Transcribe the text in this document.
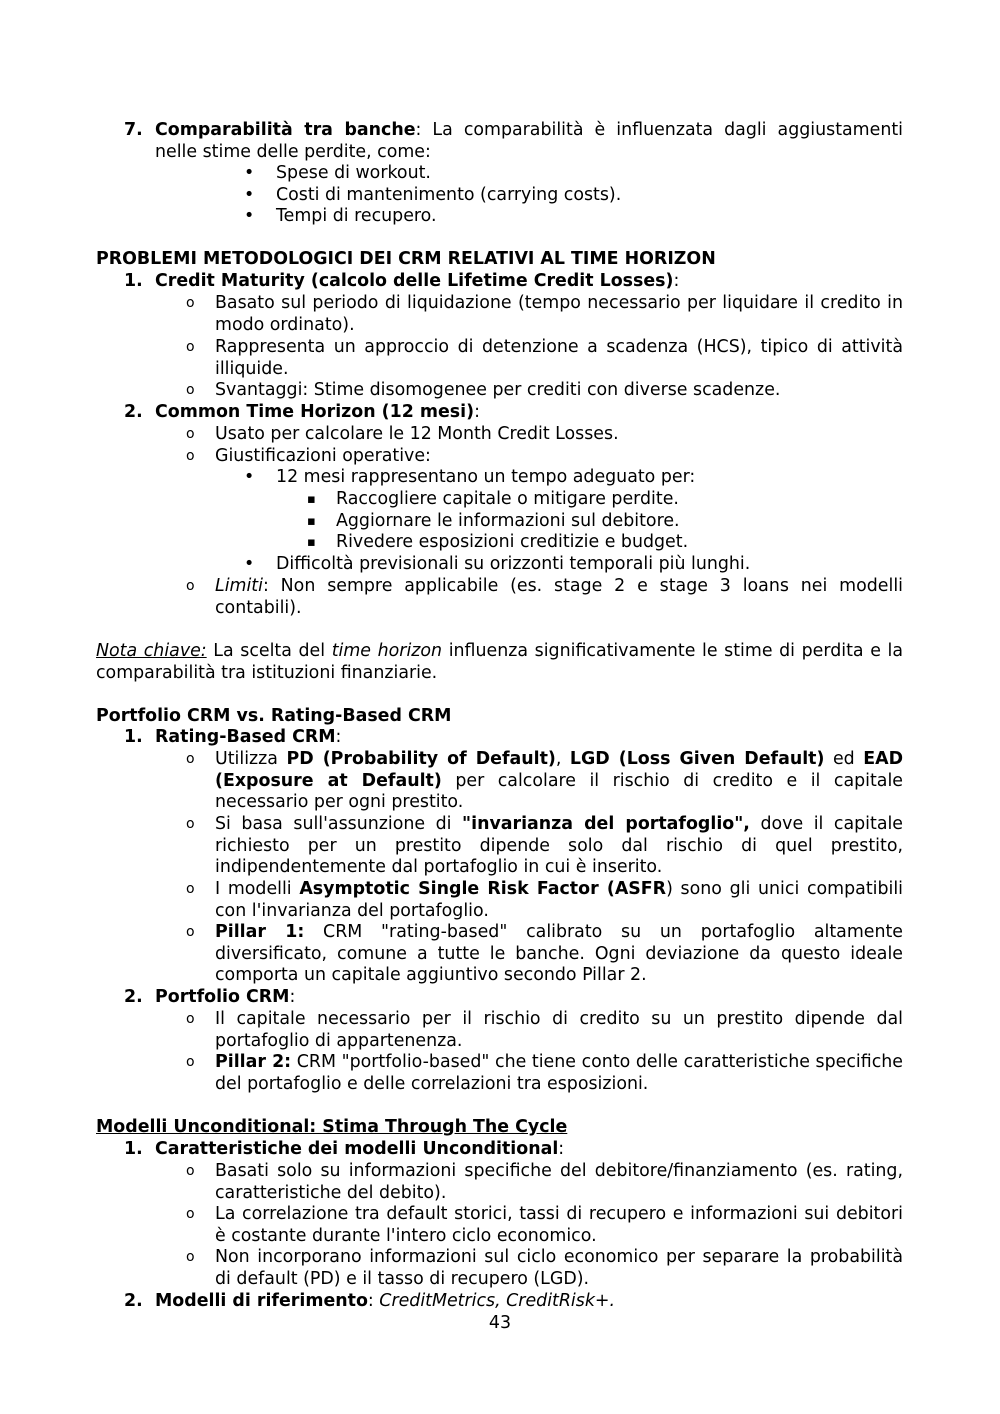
7. Comparabilità tra banche: La comparabilità è influenzata dagli aggiustamenti nelle stime delle perdite, come:

• Spese di workout.

• Costi di mantenimento (carrying costs).

• Tempi di recupero.

PROBLEMI METODOLOGICI DEI CRM RELATIVI AL TIME HORIZON

1. Credit Maturity (calcolo delle Lifetime Credit Losses):

o Basato sul periodo di liquidazione (tempo necessario per liquidare il credito in modo ordinato).

o Rappresenta un approccio di detenzione a scadenza (HCS), tipico di attività illiquide.

o Svantaggi: Stime disomogenee per crediti con diverse scadenze.

2. Common Time Horizon (12 mesi):

o Usato per calcolare le 12 Month Credit Losses.

o Giustificazioni operative:

• 12 mesi rappresentano un tempo adeguato per:

▪ Raccogliere capitale o mitigare perdite.

▪ Aggiornare le informazioni sul debitore.

▪ Rivedere esposizioni creditizie e budget.

• Difficoltà previsionali su orizzonti temporali più lunghi.

o Limiti: Non sempre applicabile (es. stage 2 e stage 3 loans nei modelli contabili).

Nota chiave: La scelta del time horizon influenza significativamente le stime di perdita e la comparabilità tra istituzioni finanziarie.

Portfolio CRM vs. Rating-Based CRM

1. Rating-Based CRM:

o Utilizza PD (Probability of Default), LGD (Loss Given Default) ed EAD (Exposure at Default) per calcolare il rischio di credito e il capitale necessario per ogni prestito.

o Si basa sull'assunzione di "invarianza del portafoglio", dove il capitale richiesto per un prestito dipende solo dal rischio di quel prestito, indipendentemente dal portafoglio in cui è inserito.

o I modelli Asymptotic Single Risk Factor (ASFR) sono gli unici compatibili con l'invarianza del portafoglio.

o Pillar 1: CRM "rating-based" calibrato su un portafoglio altamente diversificato, comune a tutte le banche. Ogni deviazione da questo ideale comporta un capitale aggiuntivo secondo Pillar 2.

2. Portfolio CRM:

o Il capitale necessario per il rischio di credito su un prestito dipende dal portafoglio di appartenenza.

o Pillar 2: CRM "portfolio-based" che tiene conto delle caratteristiche specifiche del portafoglio e delle correlazioni tra esposizioni.

Modelli Unconditional: Stima Through The Cycle

1. Caratteristiche dei modelli Unconditional:

o Basati solo su informazioni specifiche del debitore/finanziamento (es. rating, caratteristiche del debito).

o La correlazione tra default storici, tassi di recupero e informazioni sui debitori è costante durante l'intero ciclo economico.

o Non incorporano informazioni sul ciclo economico per separare la probabilità di default (PD) e il tasso di recupero (LGD).

2. Modelli di riferimento: CreditMetrics, CreditRisk+.

43
